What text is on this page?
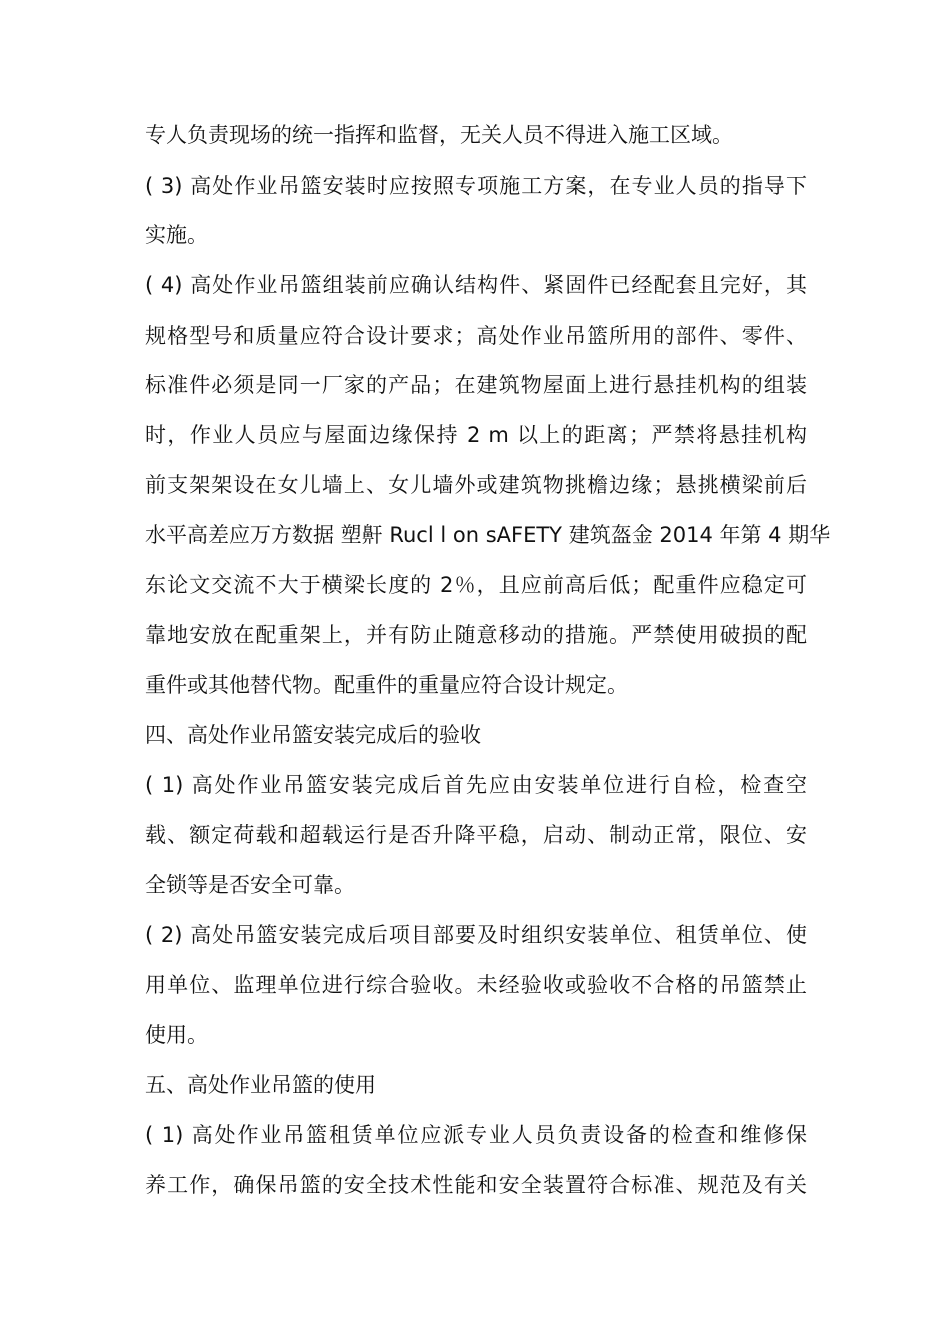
专人负责现场的统一指挥和监督，无关人员不得进入施工区域。
( 3) 高处作业吊篮安装时应按照专项施工方案，在专业人员的指导下
实施。
( 4) 高处作业吊篮组装前应确认结构件、紧固件已经配套且完好，其
规格型号和质量应符合设计要求；高处作业吊篮所用的部件、零件、
标准件必须是同一厂家的产品；在建筑物屋面上进行悬挂机构的组装
时，作业人员应与屋面边缘保持 2 m 以上的距离；严禁将悬挂机构
前支架架设在女儿墙上、女儿墙外或建筑物挑檐边缘；悬挑横梁前后
水平高差应万方数据 塑鼾 Rucl l on sAFETY 建筑盔金 2014 年第 4 期华
东论文交流不大于横梁长度的 2％，且应前高后低；配重件应稳定可
靠地安放在配重架上，并有防止随意移动的措施。严禁使用破损的配
重件或其他替代物。配重件的重量应符合设计规定。
四、高处作业吊篮安装完成后的验收
( 1) 高处作业吊篮安装完成后首先应由安装单位进行自检，检查空
载、额定荷载和超载运行是否升降平稳，启动、制动正常，限位、安
全锁等是否安全可靠。
( 2) 高处吊篮安装完成后项目部要及时组织安装单位、租赁单位、使
用单位、监理单位进行综合验收。未经验收或验收不合格的吊篮禁止
使用。
五、高处作业吊篮的使用
( 1) 高处作业吊篮租赁单位应派专业人员负责设备的检查和维修保
养工作，确保吊篮的安全技术性能和安全装置符合标准、规范及有关
